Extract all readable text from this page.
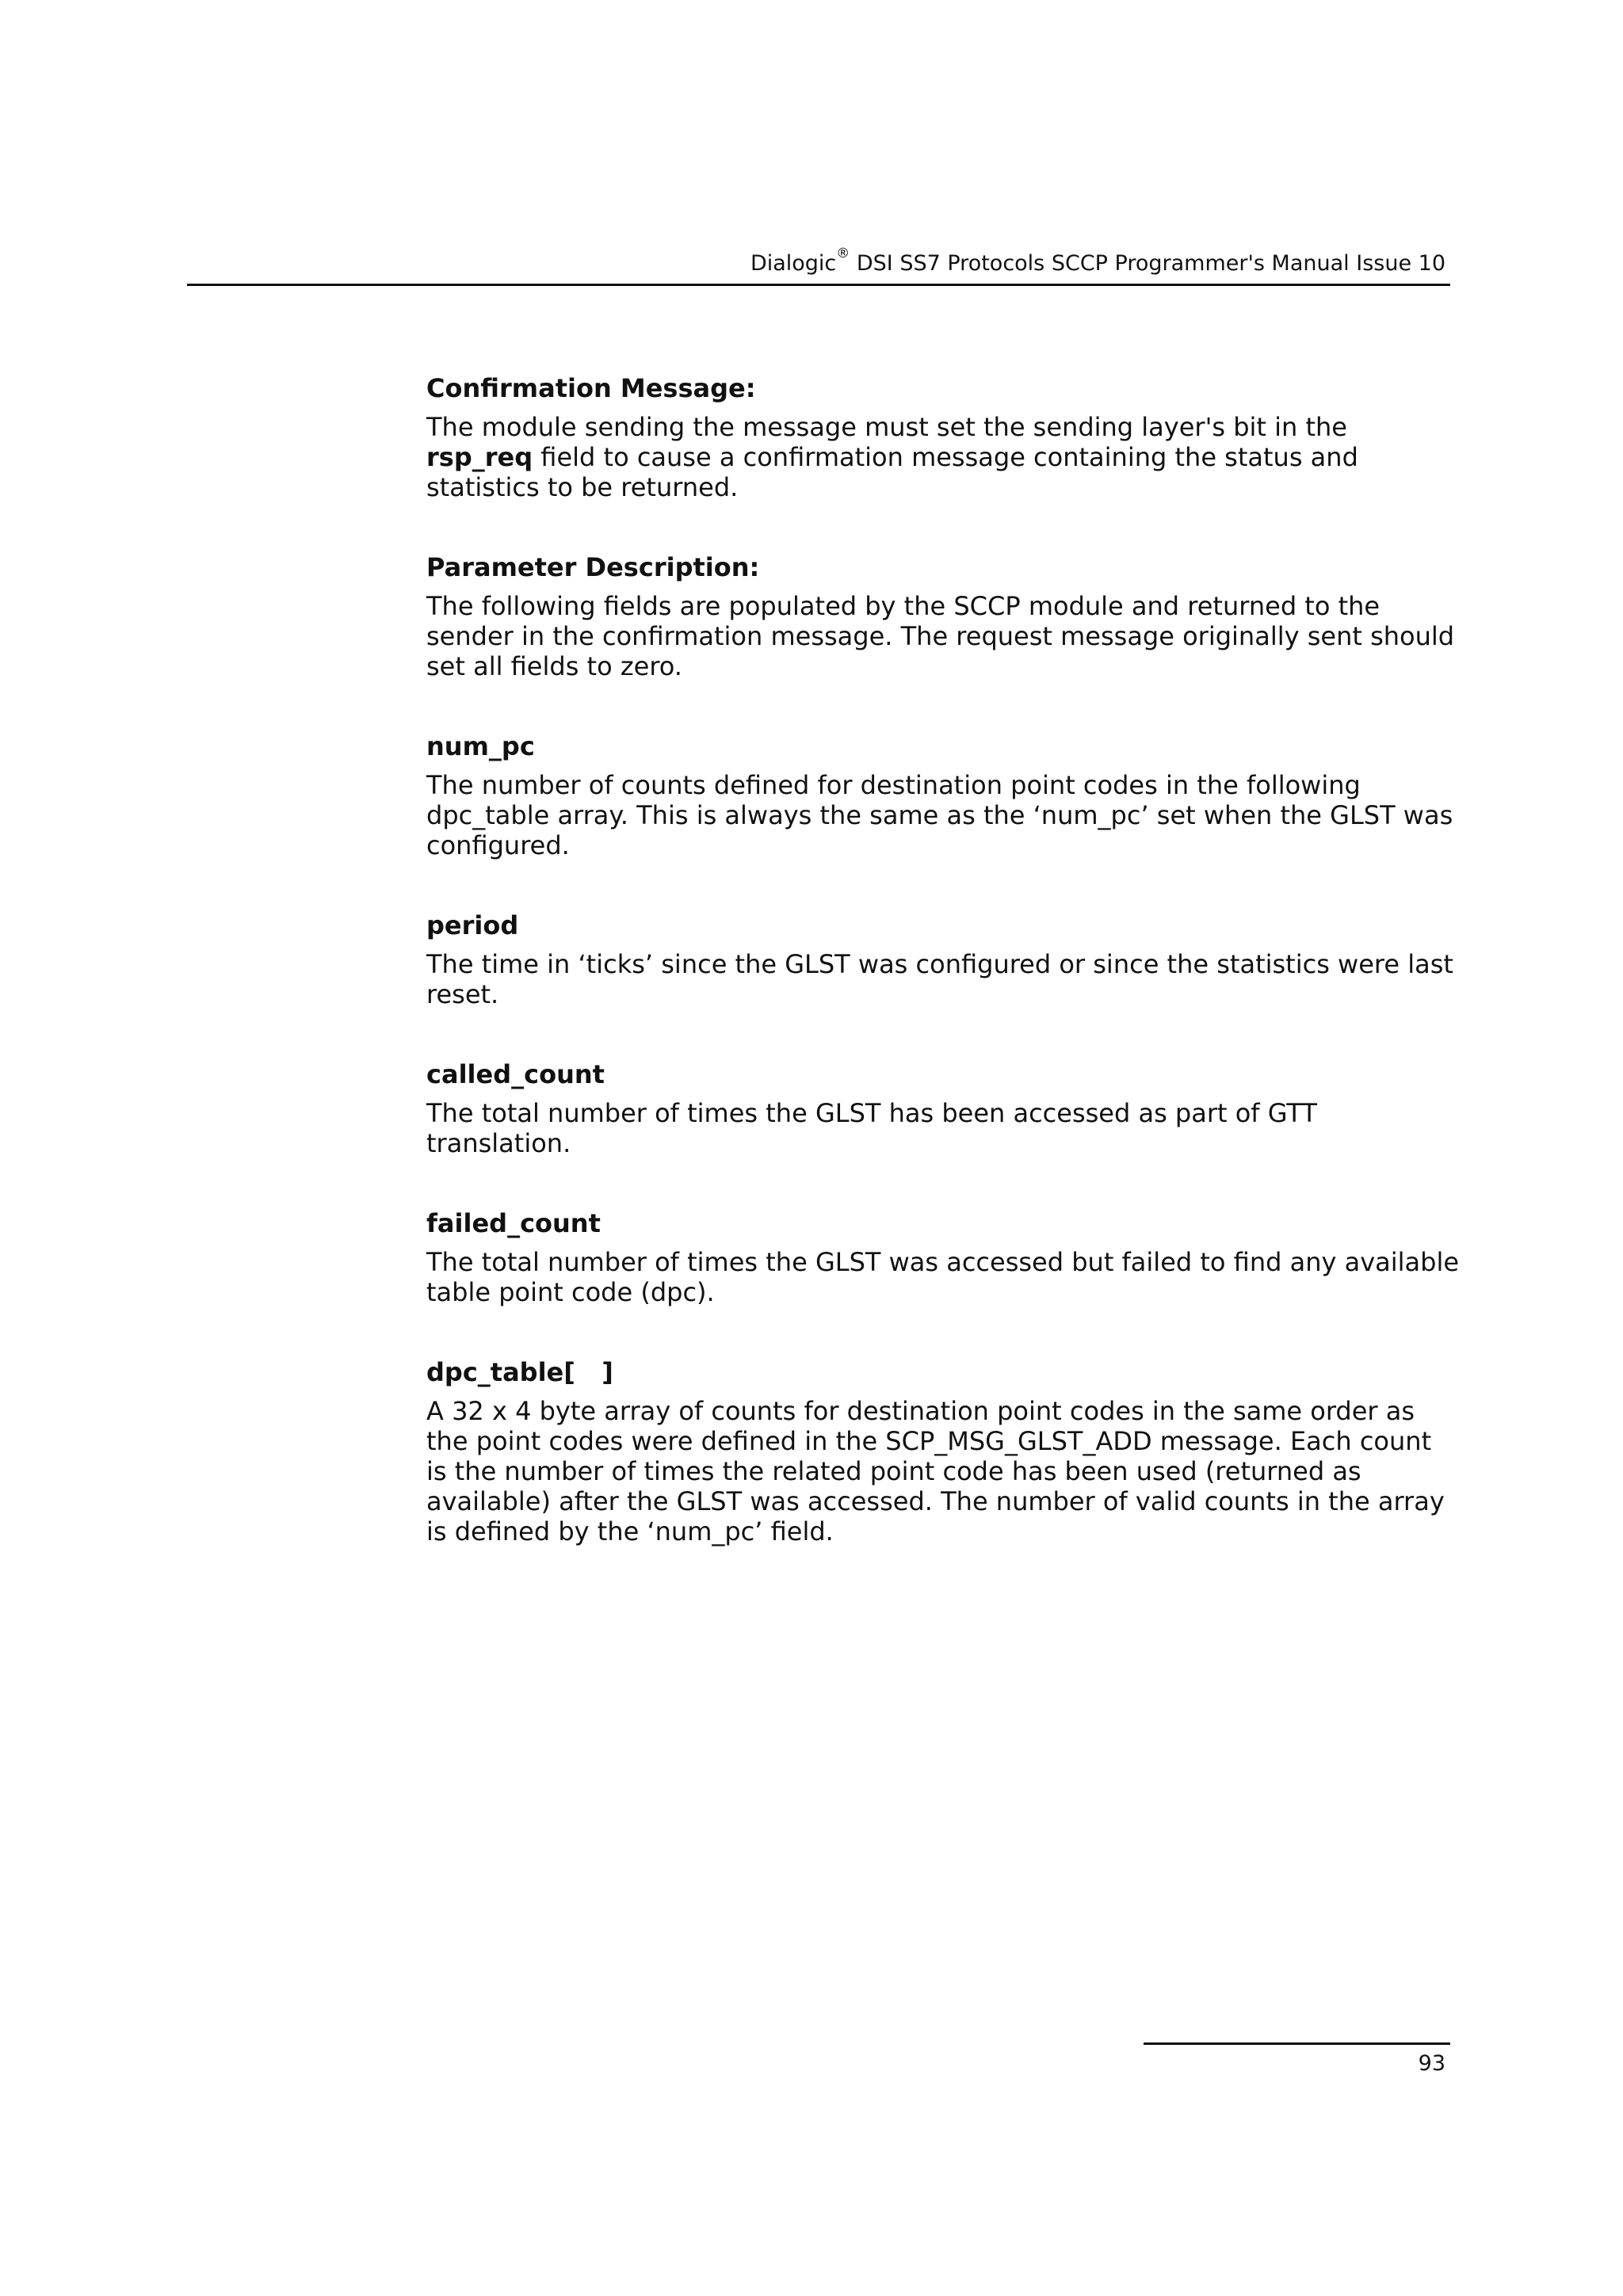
Dialogic® DSI SS7 Protocols SCCP Programmer's Manual Issue 10
Confirmation Message:
The module sending the message must set the sending layer's bit in the
rsp_req field to cause a confirmation message containing the status and
statistics to be returned.
Parameter Description:
The following fields are populated by the SCCP module and returned to the
sender in the confirmation message. The request message originally sent should
set all fields to zero.
num_pc
The number of counts defined for destination point codes in the following
dpc_table array. This is always the same as the ‘num_pc’ set when the GLST was
configured.
period
The time in ‘ticks’ since the GLST was configured or since the statistics were last
reset.
called_count
The total number of times the GLST has been accessed as part of GTT
translation.
failed_count
The total number of times the GLST was accessed but failed to find any available
table point code (dpc).
dpc_table[   ]
A 32 x 4 byte array of counts for destination point codes in the same order as
the point codes were defined in the SCP_MSG_GLST_ADD message. Each count
is the number of times the related point code has been used (returned as
available) after the GLST was accessed. The number of valid counts in the array
is defined by the ‘num_pc’ field.
93
